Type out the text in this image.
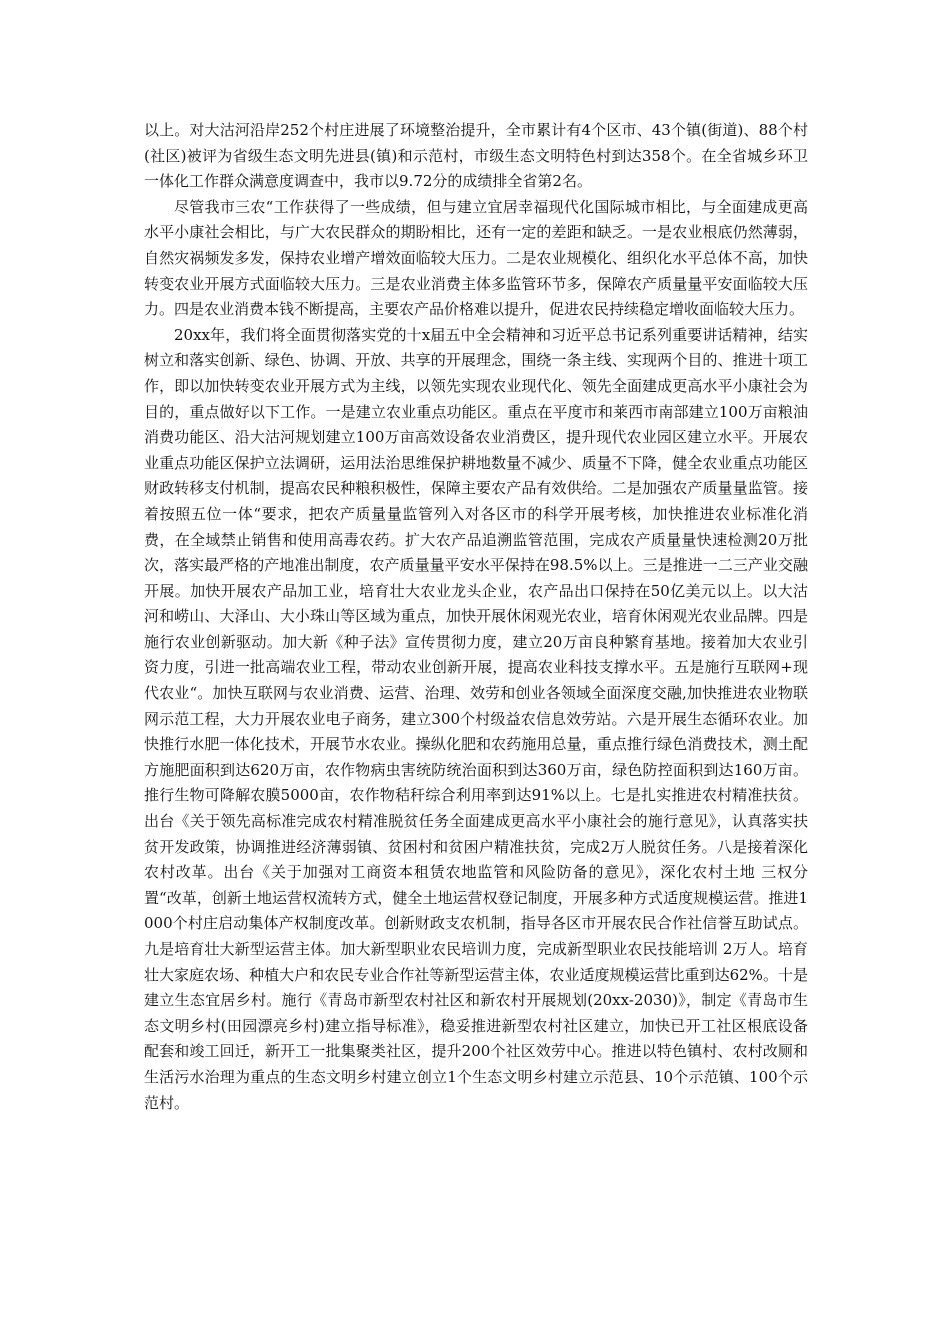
以上。对大沽河沿岸252个村庄进展了环境整治提升，全市累计有4个区市、43个镇(街道)、88个村(社区)被评为省级生态文明先进县(镇)和示范村，市级生态文明特色村到达358个。在全省城乡环卫一体化工作群众满意度调查中，我市以9.72分的成绩排全省第2名。

尽管我市三农“工作获得了一些成绩，但与建立宜居幸福现代化国际城市相比，与全面建成更高水平小康社会相比，与广大农民群众的期盼相比，还有一定的差距和缺乏。一是农业根底仍然薄弱，自然灾祸频发多发，保持农业增产增效面临较大压力。二是农业规模化、组织化水平总体不高，加快转变农业开展方式面临较大压力。三是农业消费主体多监管环节多，保障农产质量量平安面临较大压力。四是农业消费本钱不断提高，主要农产品价格难以提升，促进农民持续稳定增收面临较大压力。

20xx年，我们将全面贯彻落实党的十x届五中全会精神和习近平总书记系列重要讲话精神，结实树立和落实创新、绿色、协调、开放、共享的开展理念，围绕一条主线、实现两个目的、推进十项工作，即以加快转变农业开展方式为主线，以领先实现农业现代化、领先全面建成更高水平小康社会为目的，重点做好以下工作。一是建立农业重点功能区。重点在平度市和莱西市南部建立100万亩粮油消费功能区、沿大沽河规划建立100万亩高效设备农业消费区，提升现代农业园区建立水平。开展农业重点功能区保护立法调研，运用法治思维保护耕地数量不减少、质量不下降，健全农业重点功能区财政转移支付机制，提高农民种粮积极性，保障主要农产品有效供给。二是加强农产质量量监管。接着按照五位一体“要求，把农产质量量监管列入对各区市的科学开展考核，加快推进农业标准化消费，在全域禁止销售和使用高毒农药。扩大农产品追溯监管范围，完成农产质量量快速检测20万批次，落实最严格的产地准出制度，农产质量量平安水平保持在98.5%以上。三是推进一二三产业交融开展。加快开展农产品加工业，培育壮大农业龙头企业，农产品出口保持在50亿美元以上。以大沽河和崂山、大泽山、大小珠山等区域为重点，加快开展休闲观光农业，培育休闲观光农业品牌。四是施行农业创新驱动。加大新《种子法》宣传贯彻力度，建立20万亩良种繁育基地。接着加大农业引资力度，引进一批高端农业工程，带动农业创新开展，提高农业科技支撑水平。五是施行互联网+现代农业“。加快互联网与农业消费、运营、治理、效劳和创业各领域全面深度交融,加快推进农业物联网示范工程，大力开展农业电子商务，建立300个村级益农信息效劳站。六是开展生态循环农业。加快推行水肥一体化技术，开展节水农业。操纵化肥和农药施用总量，重点推行绿色消费技术，测土配方施肥面积到达620万亩，农作物病虫害统防统治面积到达360万亩，绿色防控面积到达160万亩。推行生物可降解农膜5000亩，农作物秸秆综合利用率到达91%以上。七是扎实推进农村精准扶贫。出台《关于领先高标准完成农村精准脱贫任务全面建成更高水平小康社会的施行意见》，认真落实扶贫开发政策，协调推进经济薄弱镇、贫困村和贫困户精准扶贫，完成2万人脱贫任务。八是接着深化农村改革。出台《关于加强对工商资本租赁农地监管和风险防备的意见》，深化农村土地 三权分置“改革，创新土地运营权流转方式，健全土地运营权登记制度，开展多种方式适度规模运营。推进1000个村庄启动集体产权制度改革。创新财政支农机制，指导各区市开展农民合作社信誉互助试点。九是培育壮大新型运营主体。加大新型职业农民培训力度，完成新型职业农民技能培训 2万人。培育壮大家庭农场、种植大户和农民专业合作社等新型运营主体，农业适度规模运营比重到达62%。十是建立生态宜居乡村。施行《青岛市新型农村社区和新农村开展规划(20xx-2030)》，制定《青岛市生态文明乡村(田园漂亮乡村)建立指导标准》，稳妥推进新型农村社区建立，加快已开工社区根底设备配套和竣工回迁，新开工一批集聚类社区，提升200个社区效劳中心。推进以特色镇村、农村改厕和生活污水治理为重点的生态文明乡村建立创立1个生态文明乡村建立示范县、10个示范镇、100个示范村。
